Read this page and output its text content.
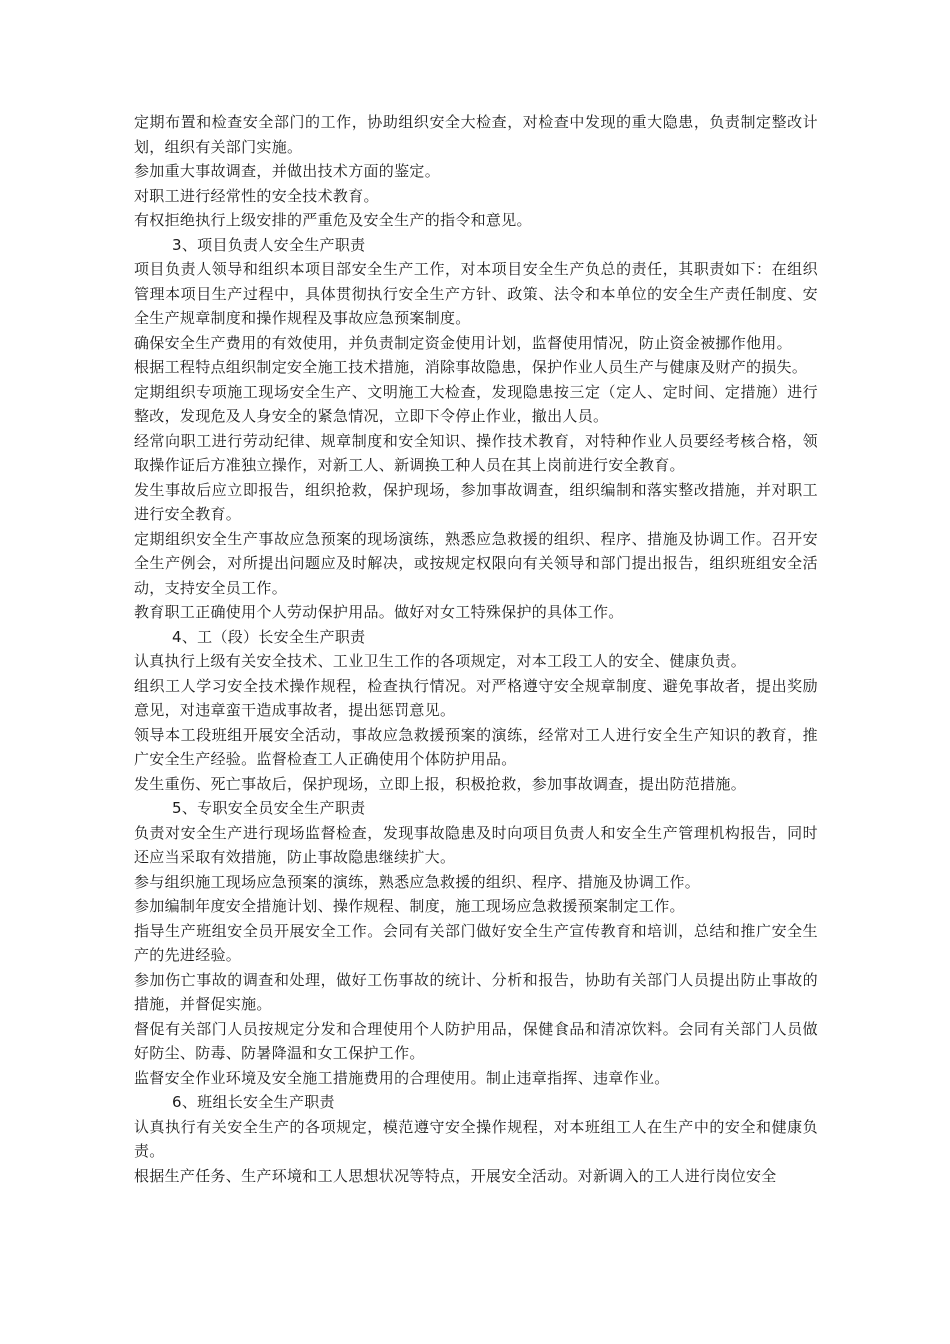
定期布置和检查安全部门的工作，协助组织安全大检查，对检查中发现的重大隐患，负责制定整改计划，组织有关部门实施。

参加重大事故调查，并做出技术方面的鉴定。

对职工进行经常性的安全技术教育。

有权拒绝执行上级安排的严重危及安全生产的指令和意见。

3、项目负责人安全生产职责

项目负责人领导和组织本项目部安全生产工作，对本项目安全生产负总的责任，其职责如下：在组织管理本项目生产过程中，具体贯彻执行安全生产方针、政策、法令和本单位的安全生产责任制度、安全生产规章制度和操作规程及事故应急预案制度。

确保安全生产费用的有效使用，并负责制定资金使用计划，监督使用情况，防止资金被挪作他用。

根据工程特点组织制定安全施工技术措施，消除事故隐患，保护作业人员生产与健康及财产的损失。

定期组织专项施工现场安全生产、文明施工大检查，发现隐患按三定（定人、定时间、定措施）进行整改，发现危及人身安全的紧急情况，立即下令停止作业，撤出人员。

经常向职工进行劳动纪律、规章制度和安全知识、操作技术教育，对特种作业人员要经考核合格，领取操作证后方准独立操作，对新工人、新调换工种人员在其上岗前进行安全教育。

发生事故后应立即报告，组织抢救，保护现场，参加事故调查，组织编制和落实整改措施，并对职工进行安全教育。

定期组织安全生产事故应急预案的现场演练，熟悉应急救援的组织、程序、措施及协调工作。召开安全生产例会，对所提出问题应及时解决，或按规定权限向有关领导和部门提出报告，组织班组安全活动，支持安全员工作。

教育职工正确使用个人劳动保护用品。做好对女工特殊保护的具体工作。

4、工（段）长安全生产职责

认真执行上级有关安全技术、工业卫生工作的各项规定，对本工段工人的安全、健康负责。

组织工人学习安全技术操作规程，检查执行情况。对严格遵守安全规章制度、避免事故者，提出奖励意见，对违章蛮干造成事故者，提出惩罚意见。

领导本工段班组开展安全活动，事故应急救援预案的演练，经常对工人进行安全生产知识的教育，推广安全生产经验。监督检查工人正确使用个体防护用品。

发生重伤、死亡事故后，保护现场，立即上报，积极抢救，参加事故调查，提出防范措施。

5、专职安全员安全生产职责

负责对安全生产进行现场监督检查，发现事故隐患及时向项目负责人和安全生产管理机构报告，同时还应当采取有效措施，防止事故隐患继续扩大。

参与组织施工现场应急预案的演练，熟悉应急救援的组织、程序、措施及协调工作。

参加编制年度安全措施计划、操作规程、制度，施工现场应急救援预案制定工作。

指导生产班组安全员开展安全工作。会同有关部门做好安全生产宣传教育和培训，总结和推广安全生产的先进经验。

参加伤亡事故的调查和处理，做好工伤事故的统计、分析和报告，协助有关部门人员提出防止事故的措施，并督促实施。

督促有关部门人员按规定分发和合理使用个人防护用品，保健食品和清凉饮料。会同有关部门人员做好防尘、防毒、防暑降温和女工保护工作。

监督安全作业环境及安全施工措施费用的合理使用。制止违章指挥、违章作业。

6、班组长安全生产职责

认真执行有关安全生产的各项规定，模范遵守安全操作规程，对本班组工人在生产中的安全和健康负责。

根据生产任务、生产环境和工人思想状况等特点，开展安全活动。对新调入的工人进行岗位安全
